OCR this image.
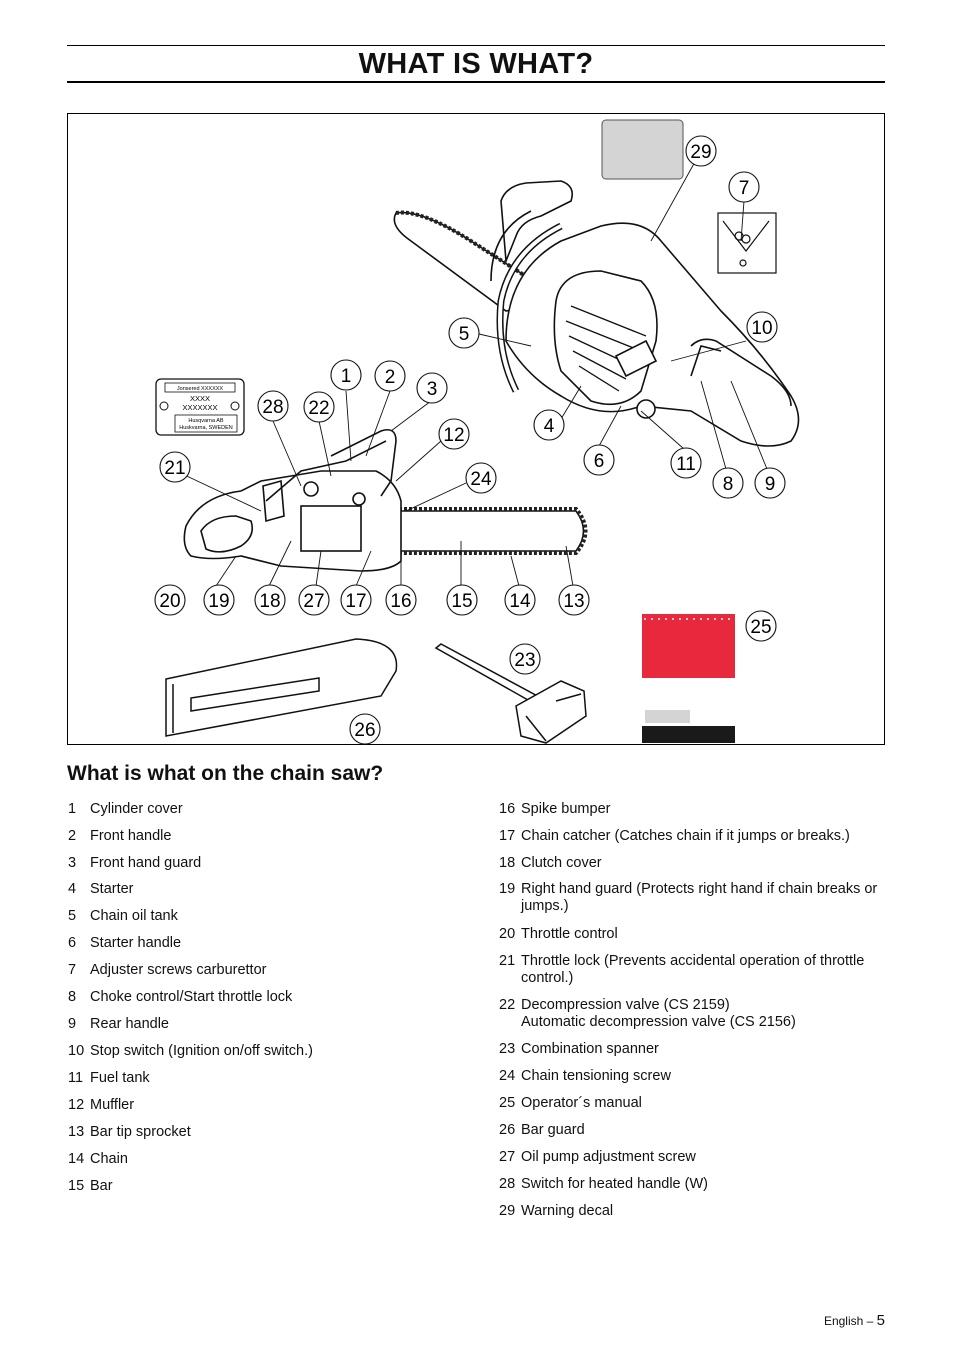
WHAT IS WHAT?
Jonsered XXXXXX
XXXX
XXXXXXX
Husqvarna AB
Huskvarna, SWEDEN
1 2
3
4
5
6
7
8 9
10
11
12
13
14
15
16
17
18
19
20
21
22
23
24
25
26
27
28
29
What is what on the chain saw?
1 Cylinder cover
2 Front handle
3 Front hand guard
4 Starter
5 Chain oil tank
6 Starter handle
7 Adjuster screws carburettor
8 Choke control/Start throttle lock
9 Rear handle
10 Stop switch (Ignition on/off switch.)
11 Fuel tank
12 Muffler
13 Bar tip sprocket
14 Chain
15 Bar
16 Spike bumper
17 Chain catcher (Catches chain if it jumps or breaks.)
18 Clutch cover
19 Right hand guard (Protects right hand if chain breaks or
jumps.)
20 Throttle control
21 Throttle lock (Prevents accidental operation of throttle
control.)
22 Decompression valve (CS 2159)
Automatic decompression valve (CS 2156)
23 Combination spanner
24 Chain tensioning screw
25 Operator´s manual
26 Bar guard
27 Oil pump adjustment screw
28 Switch for heated handle (W)
29 Warning decal
English – 5
